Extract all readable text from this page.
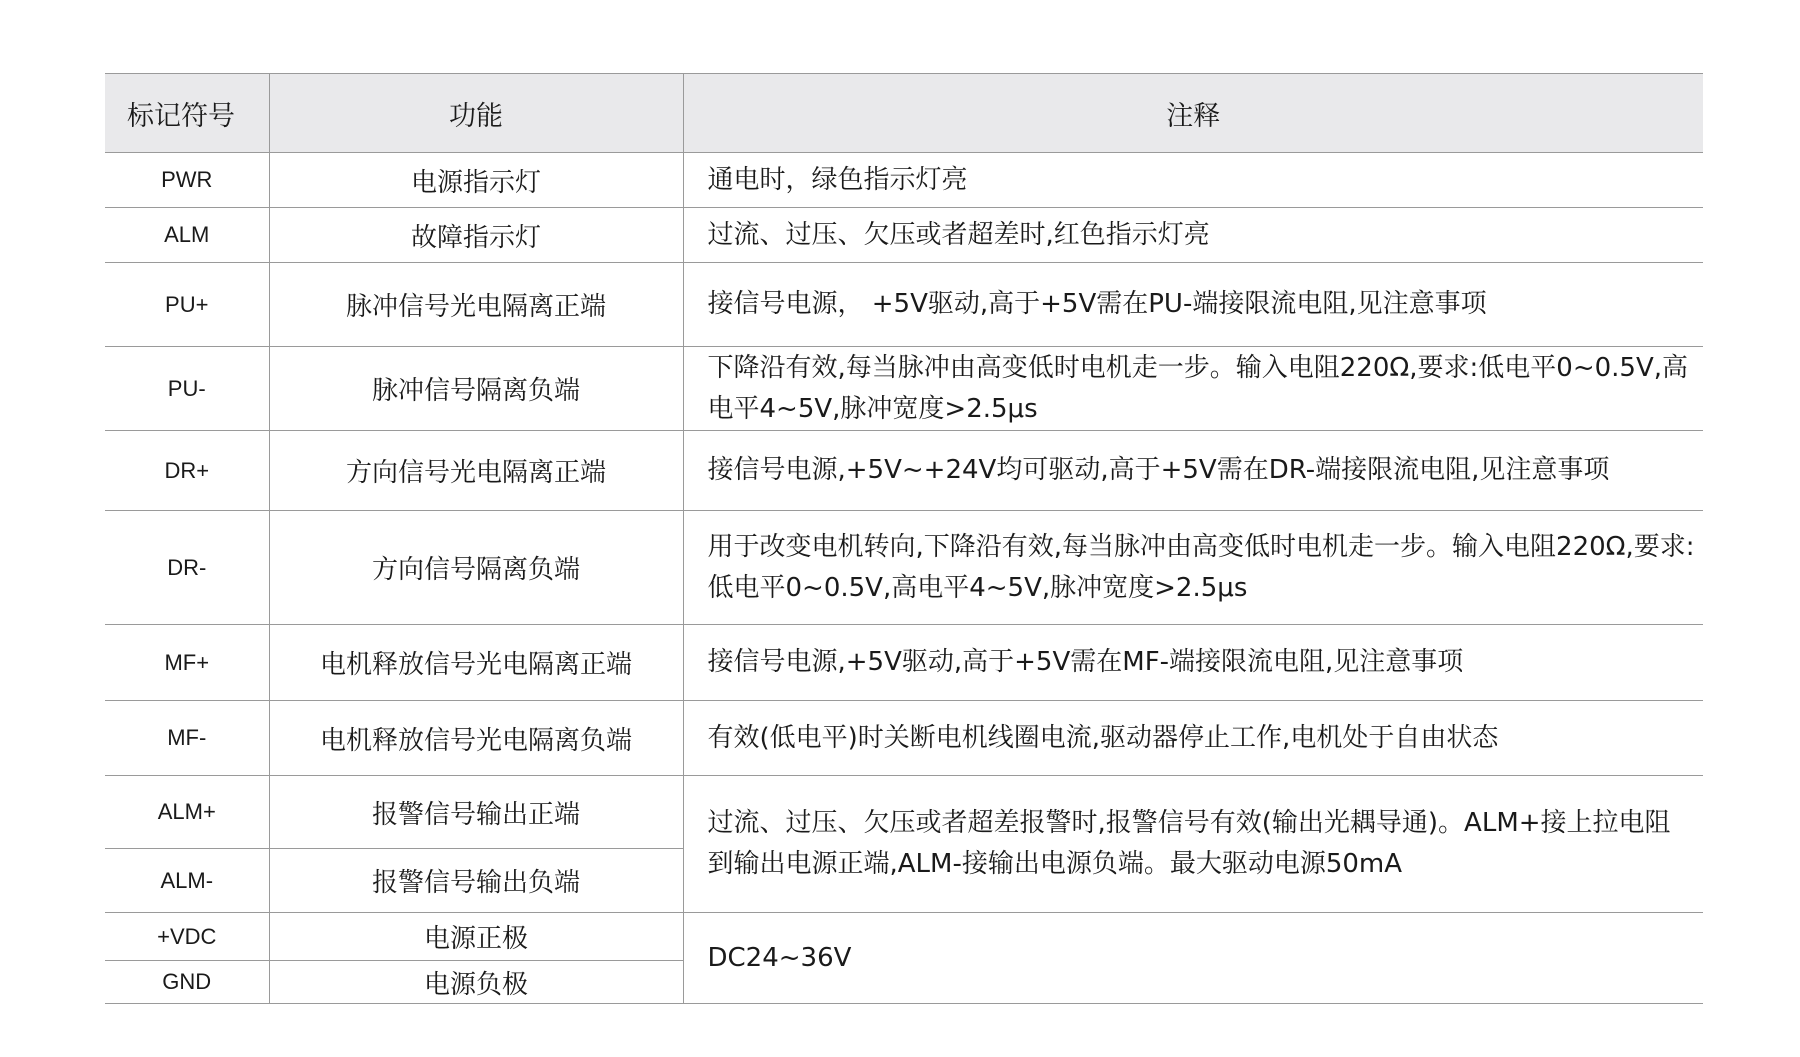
标记符号	功能	注释
PWR	电源指示灯	通电时，绿色指示灯亮
ALM	故障指示灯	过流、过压、欠压或者超差时,红色指示灯亮
PU+	脉冲信号光电隔离正端	接信号电源， +5V驱动,高于+5V需在PU-端接限流电阻,见注意事项
PU-	脉冲信号隔离负端	下降沿有效,每当脉冲由高变低时电机走一步。输入电阻220Ω,要求:低电平0~0.5V,高电平4~5V,脉冲宽度>2.5μs
DR+	方向信号光电隔离正端	接信号电源,+5V~+24V均可驱动,高于+5V需在DR-端接限流电阻,见注意事项
DR-	方向信号隔离负端	用于改变电机转向,下降沿有效,每当脉冲由高变低时电机走一步。输入电阻220Ω,要求:低电平0~0.5V,高电平4~5V,脉冲宽度>2.5μs
MF+	电机释放信号光电隔离正端	接信号电源,+5V驱动,高于+5V需在MF-端接限流电阻,见注意事项
MF-	电机释放信号光电隔离负端	有效(低电平)时关断电机线圈电流,驱动器停止工作,电机处于自由状态
ALM+	报警信号输出正端	过流、过压、欠压或者超差报警时,报警信号有效(输出光耦导通)。ALM+接上拉电阻到输出电源正端,ALM-接输出电源负端。最大驱动电源50mA
ALM-	报警信号输出负端	
+VDC	电源正极	DC24~36V
GND	电源负极	
